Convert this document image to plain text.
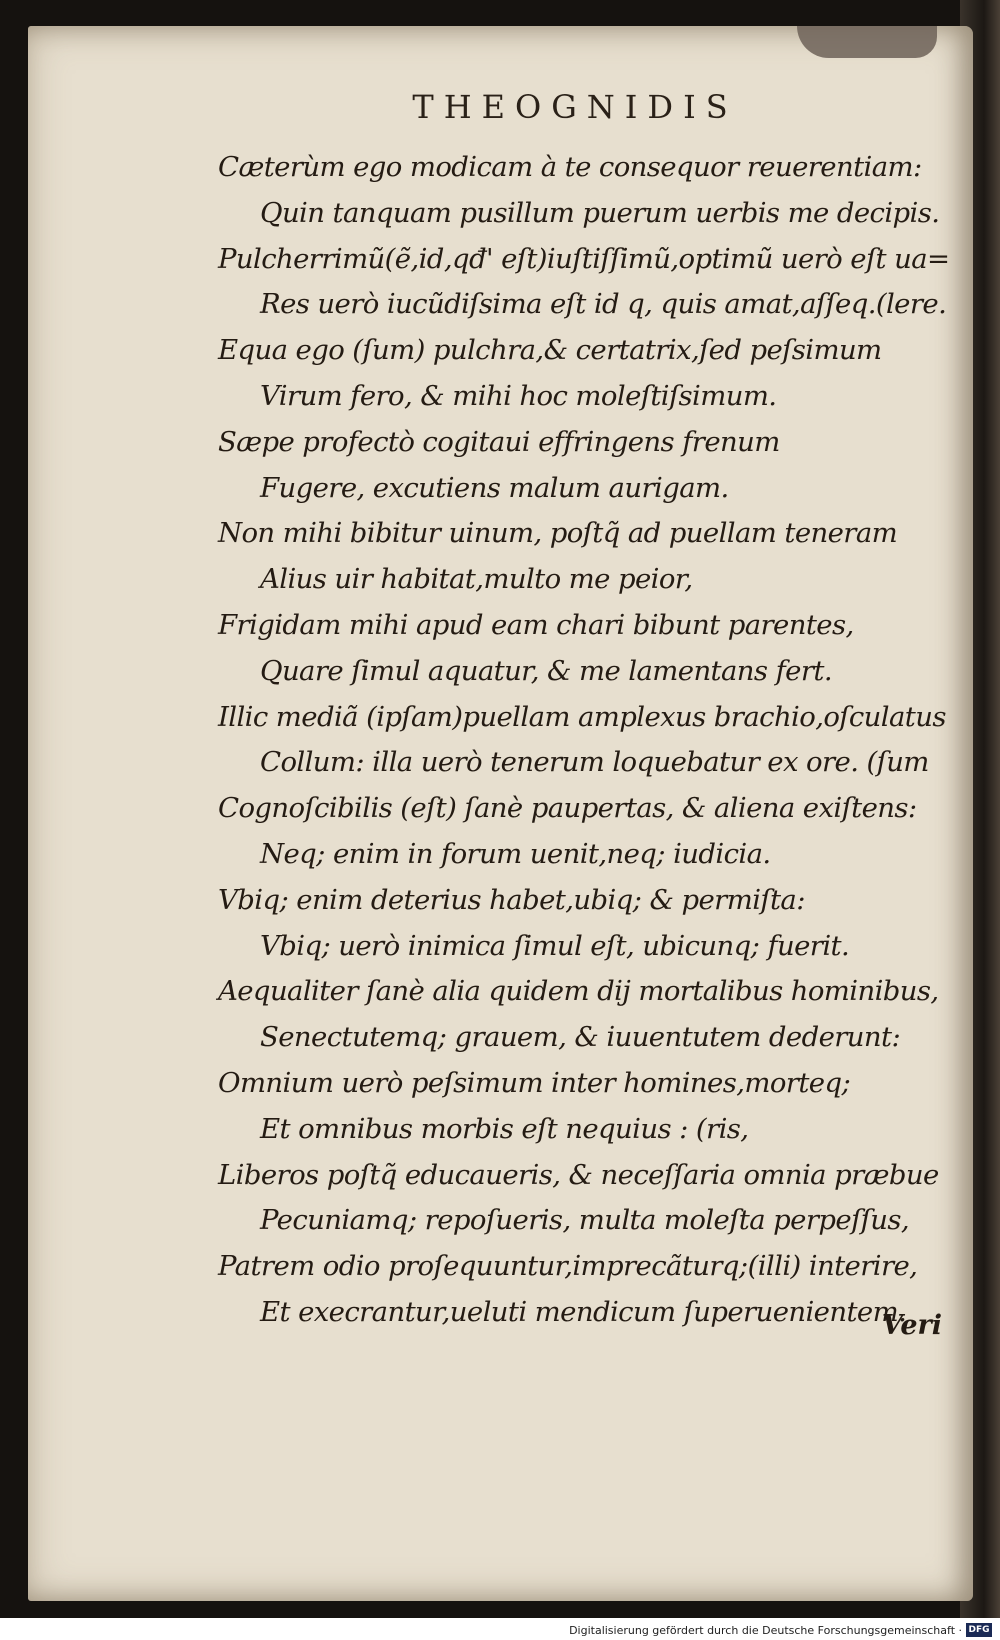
THEOGNIDIS
Cæterùm ego modicam à te consequor reuerentiam:
Quin tanquam pusillum puerum uerbis me decipis.
Pulcherrimũ(ẽ,id,qđ' eſt)iuſtiſſimũ,optimũ uerò eſt ua=
Res uerò iucũdiſsima eſt id q, quis amat,aſſeq.(lere.
Equa ego (ſum) pulchra,& certatrix,ſed peſsimum
Virum fero, & mihi hoc moleſtiſsimum.
Sæpe profectò cogitaui effringens frenum
Fugere, excutiens malum aurigam.
Non mihi bibitur uinum, poſtq̃ ad puellam teneram
Alius uir habitat,multo me peior,
Frigidam mihi apud eam chari bibunt parentes,
Quare ſimul aquatur, & me lamentans fert.
Illic mediã (ipſam)puellam amplexus brachio,oſculatus
Collum: illa uerò tenerum loquebatur ex ore. (ſum
Cognoſcibilis (eſt) ſanè paupertas, & aliena exiſtens:
Neq; enim in forum uenit,neq; iudicia.
Vbiq; enim deterius habet,ubiq; & permiſta:
Vbiq; uerò inimica ſimul eſt, ubicunq; fuerit.
Aequaliter ſanè alia quidem dij mortalibus hominibus,
Senectutemq; grauem, & iuuentutem dederunt:
Omnium uerò peſsimum inter homines,morteq;
Et omnibus morbis eſt nequius : (ris,
Liberos poſtq̃ educaueris, & neceſſaria omnia præbue
Pecuniamq; repoſueris, multa moleſta perpeſſus,
Patrem odio proſequuntur,imprecãturq;(illi) interire,
Et execrantur,ueluti mendicum ſuperuenientem.
Veri
Digitalisierung gefördert durch die Deutsche Forschungsgemeinschaft · DFG
